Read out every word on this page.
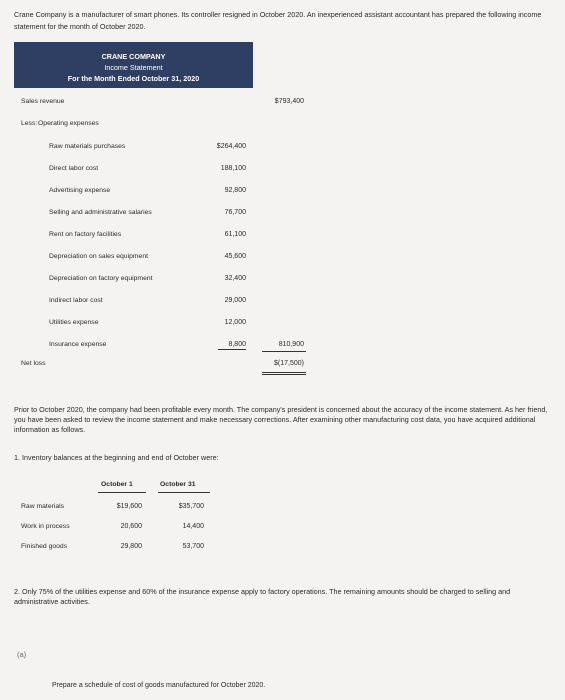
Crane Company is a manufacturer of smart phones. Its controller resigned in October 2020. An inexperienced assistant accountant has prepared the following income statement for the month of October 2020.
CRANE COMPANY
Income Statement
For the Month Ended October 31, 2020
Sales revenue	$793,400
Less: Operating expenses
Raw materials purchases	$264,400
Direct labor cost	188,100
Advertising expense	92,800
Selling and administrative salaries	76,700
Rent on factory facilities	61,100
Depreciation on sales equipment	45,600
Depreciation on factory equipment	32,400
Indirect labor cost	29,000
Utilities expense	12,000
Insurance expense	8,800	810,900
Net loss	$(17,500)
Prior to October 2020, the company had been profitable every month. The company's president is concerned about the accuracy of the income statement. As her friend, you have been asked to review the income statement and make necessary corrections. After examining other manufacturing cost data, you have acquired additional information as follows.
1. Inventory balances at the beginning and end of October were:
October 1	October 31
Raw materials	$19,600	$35,700
Work in process	20,600	14,400
Finished goods	29,800	53,700
2. Only 75% of the utilities expense and 60% of the insurance expense apply to factory operations. The remaining amounts should be charged to selling and administrative activities.
(a)
Prepare a schedule of cost of goods manufactured for October 2020.
